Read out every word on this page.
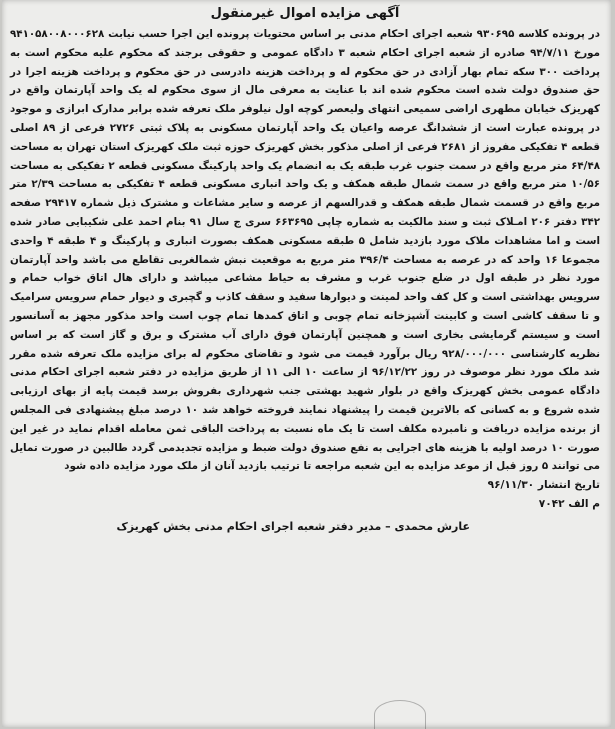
آگهی مزایده اموال غیرمنقول

در پرونده کلاسه ۹۳۰۶۹۵ شعبه اجرای احکام مدنی بر اساس محتویات پرونده این اجرا حسب نیابت ۹۴۱۰۵۸۰۰۸۰۰۰۶۲۸ مورخ ۹۴/۷/۱۱ صادره از شعبه اجرای احکام شعبه ۳ دادگاه عمومی و حقوقی برجند که محکوم علیه محکوم است به پرداخت ۳۰۰ سکه تمام بهار آزادی در حق محکوم له و پرداخت هزینه دادرسی در حق محکوم و پرداخت هزینه اجرا در حق صندوق دولت شده است محکوم شده اند با عنایت به معرفی مال از سوی محکوم له یک واحد آپارتمان واقع در کهریزک خیابان مطهری اراضی سمیعی انتهای ولیعصر کوچه اول نیلوفر ملک تعرفه شده برابر مدارک ابرازی و موجود در پرونده عبارت است از ششدانگ عرصه واعیان یک واحد آپارتمان مسکونی به پلاک ثبتی ۲۷۲۶ فرعی از ۸۹ اصلی قطعه ۴ تفکیکی مفروز از ۲۶۸۱ فرعی از اصلی مذکور بخش کهریزک حوزه ثبت ملک کهریزک استان تهران به مساحت ۶۴/۴۸ متر مربع واقع در سمت جنوب غرب طبقه یک به انضمام یک واحد پارکینگ مسکونی قطعه ۲ تفکیکی به مساحت ۱۰/۵۶ متر مربع واقع در سمت شمال طبقه همکف و یک واحد انباری مسکونی قطعه ۴ تفکیکی به مساحت ۲/۳۹ متر مربع واقع در قسمت شمال طبقه همکف و قدرالسهم از عرصه و سایر مشاعات و مشترک ذیل شماره ۲۹۴۱۷ صفحه ۳۴۲ دفتر ۲۰۶ امـلاک ثبت و سند مالکیت به شماره چاپی ۶۶۳۶۹۵ سری ج سال ۹۱ بنام احمد علی شکیبایی صادر شده است و اما مشاهدات ملاک مورد بازدید شامل ۵ طبقه مسکونی همکف بصورت انباری و پارکینگ و ۴ طبقه ۴ واحدی مجموعا ۱۶ واحد که در عرصه به مساحت ۳۹۶/۴ متر مربع به موقعیت نبش شمالغربی تقاطع می باشد واحد آپارتمان مورد نظر در طبقه اول در ضلع جنوب غرب و مشرف به حیاط مشاعی میباشد و دارای هال اتاق خواب حمام و سرویس بهداشتی است و کل کف واحد لمینت و دیوارها سفید و سقف کاذب و گچبری و دیوار حمام سرویس سرامیک و تا سقف کاشی است و کابینت آشپزخانه تمام چوبی و اتاق کمدها تمام چوب است واحد مذکور مجهز به آسانسور است و سیستم گرمایشی بخاری است و همچنین آپارتمان فوق دارای آب مشترک و برق و گاز است که بر اساس نظریه کارشناسی ۹۲۸/۰۰۰/۰۰۰ ریال برآورد قیمت می شود و تقاضای محکوم له برای مزایده ملک تعرفه شده مقرر شد ملک مورد نظر موصوف در روز ۹۶/۱۲/۲۲ از ساعت ۱۰ الی ۱۱ از طریق مزایده در دفتر شعبه اجرای احکام مدنی دادگاه عمومی بخش کهریزک واقع در بلوار شهید بهشتی جنب شهرداری بفروش برسد قیمت پایه از بهای ارزیابی شده شروع و به کسانی که بالاترین قیمت را پیشنهاد نمایند فروخته خواهد شد ۱۰ درصد مبلغ پیشنهادی فی المجلس از برنده مزایده دریافت و نامبرده مکلف است تا یک ماه نسبت به پرداخت الباقی ثمن معامله اقدام نماید در غیر این صورت ۱۰ درصد اولیه با هزینه های اجرایی به نفع صندوق دولت ضبط و مزایده تجدیدمی گردد طالبین در صورت تمایل می توانند ۵ روز قبل از موعد مزایده به این شعبه مراجعه تا ترتیب بازدید آنان از ملک مورد مزایده داده شود

تاریخ انتشار ۹۶/۱۱/۳۰

م الف ۷۰۴۲

عارش محمدی – مدیر دفتر شعبه اجرای احکام مدنی بخش کهریزک
